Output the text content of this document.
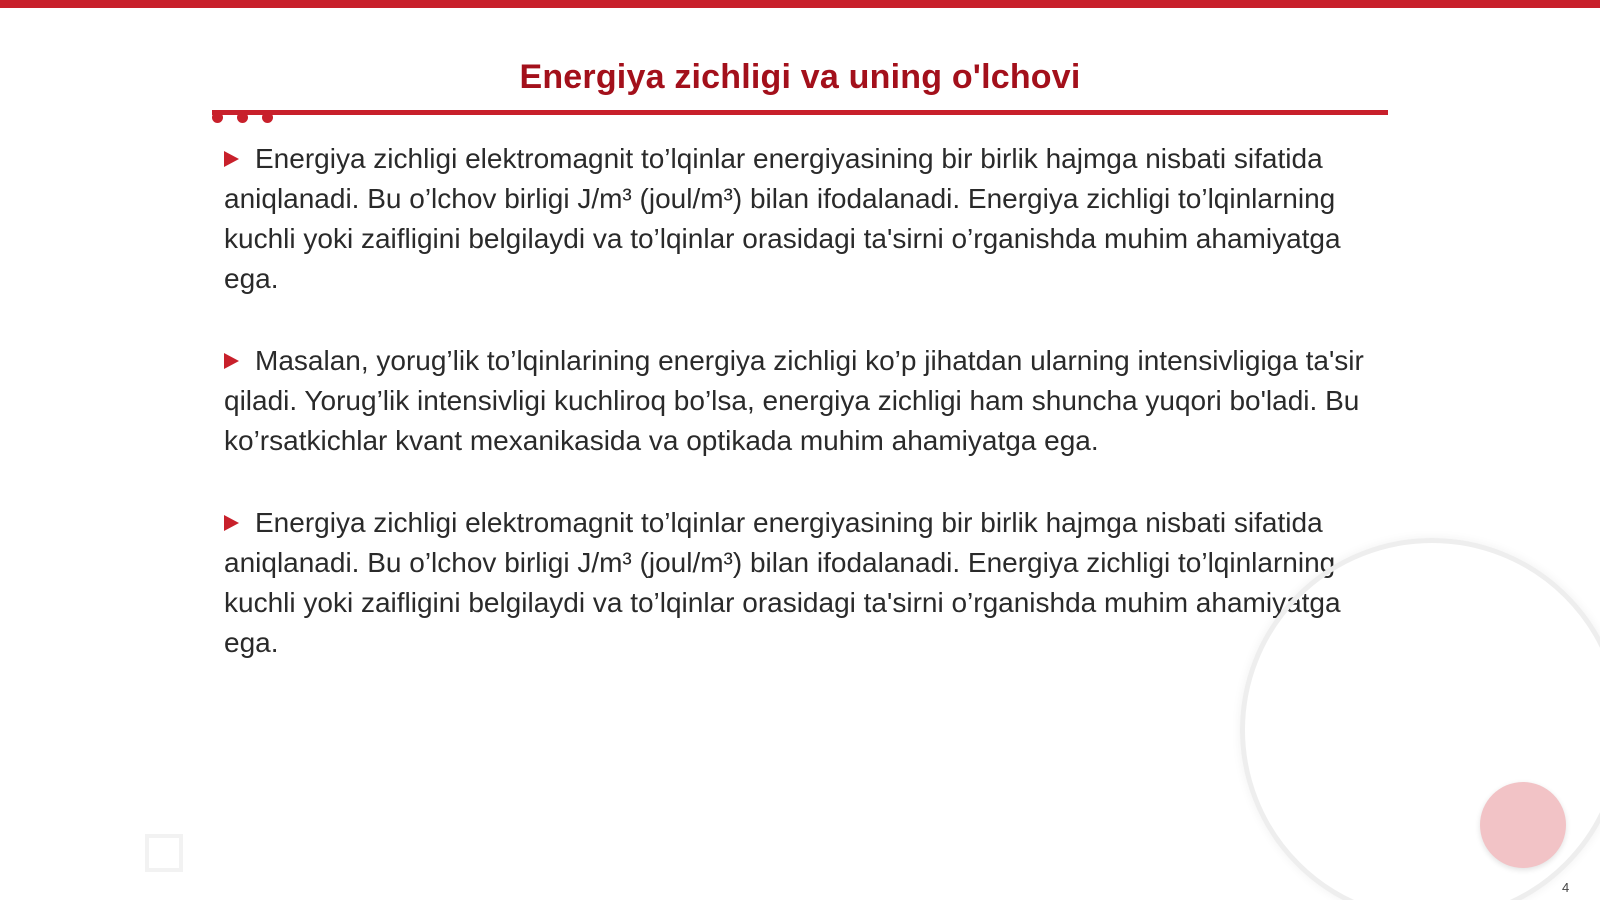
Energiya zichligi va uning o'lchovi

Energiya zichligi elektromagnit to’lqinlar energiyasining bir birlik hajmga nisbati sifatida aniqlanadi. Bu o’lchov birligi J/m³ (joul/m³) bilan ifodalanadi. Energiya zichligi to’lqinlarning kuchli yoki zaifligini belgilaydi va to’lqinlar orasidagi ta'sirni o’rganishda muhim ahamiyatga ega.

Masalan, yorug’lik to’lqinlarining energiya zichligi ko’p jihatdan ularning intensivligiga ta'sir qiladi. Yorug’lik intensivligi kuchliroq bo’lsa, energiya zichligi ham shuncha yuqori bo'ladi. Bu ko’rsatkichlar kvant mexanikasida va optikada muhim ahamiyatga ega.

Energiya zichligi elektromagnit to’lqinlar energiyasining bir birlik hajmga nisbati sifatida aniqlanadi. Bu o’lchov birligi J/m³ (joul/m³) bilan ifodalanadi. Energiya zichligi to’lqinlarning kuchli yoki zaifligini belgilaydi va to’lqinlar orasidagi ta'sirni o’rganishda muhim ahamiyatga ega.

4
